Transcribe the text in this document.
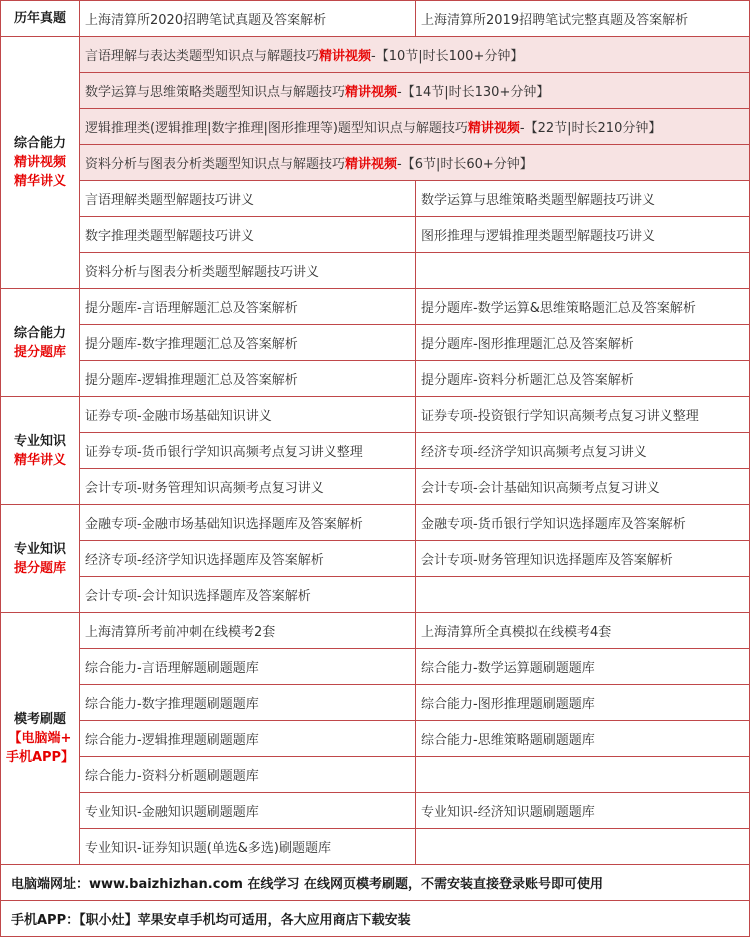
历年真题	上海清算所2020招聘笔试真题及答案解析	上海清算所2019招聘笔试完整真题及答案解析
综合能力
精讲视频
精华讲义
言语理解与表达类题型知识点与解题技巧 精讲视频 -【10节|时长100+分钟】
数学运算与思维策略类题型知识点与解题技巧 精讲视频 -【14节|时长130+分钟】
逻辑推理类(逻辑推理|数字推理|图形推理等)题型知识点与解题技巧 精讲视频 -【22节|时长210分钟】
资料分析与图表分析类题型知识点与解题技巧 精讲视频 -【6节|时长60+分钟】
言语理解类题型解题技巧讲义	数学运算与思维策略类题型解题技巧讲义
数字推理类题型解题技巧讲义	图形推理与逻辑推理类题型解题技巧讲义
资料分析与图表分析类题型解题技巧讲义
综合能力
提分题库
提分题库-言语理解题汇总及答案解析	提分题库-数学运算&思维策略题汇总及答案解析
提分题库-数字推理题汇总及答案解析	提分题库-图形推理题汇总及答案解析
提分题库-逻辑推理题汇总及答案解析	提分题库-资料分析题汇总及答案解析
专业知识
精华讲义
证券专项-金融市场基础知识讲义	证券专项-投资银行学知识高频考点复习讲义整理
证券专项-货币银行学知识高频考点复习讲义整理	经济专项-经济学知识高频考点复习讲义
会计专项-财务管理知识高频考点复习讲义	会计专项-会计基础知识高频考点复习讲义
专业知识
提分题库
金融专项-金融市场基础知识选择题库及答案解析	金融专项-货币银行学知识选择题库及答案解析
经济专项-经济学知识选择题库及答案解析	会计专项-财务管理知识选择题库及答案解析
会计专项-会计知识选择题库及答案解析
模考刷题
【电脑端+
手机APP】
上海清算所考前冲刺在线模考2套	上海清算所全真模拟在线模考4套
综合能力-言语理解题刷题题库	综合能力-数学运算题刷题题库
综合能力-数字推理题刷题题库	综合能力-图形推理题刷题题库
综合能力-逻辑推理题刷题题库	综合能力-思维策略题刷题题库
综合能力-资料分析题刷题题库
专业知识-金融知识题刷题题库	专业知识-经济知识题刷题题库
专业知识-证券知识题(单选&多选)刷题题库
电脑端网址：www.baizhizhan.com 在线学习 在线网页模考刷题，不需安装直接登录账号即可使用
手机APP：【职小灶】苹果安卓手机均可适用，各大应用商店下载安装
